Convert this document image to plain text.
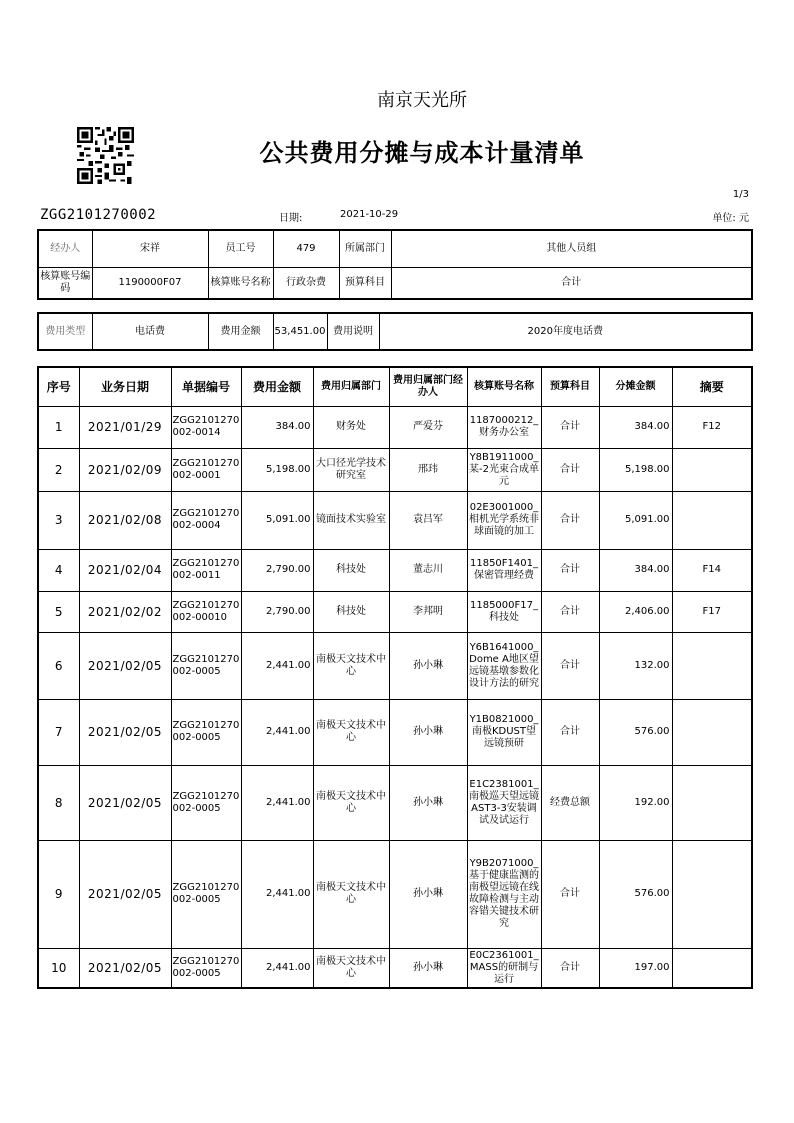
南京天光所
公共费用分摊与成本计量清单
1/3
ZGG2101270002	日期:	2021-10-29	单位: 元
经办人	宋祥	员工号	479	所属部门	其他人员组
核算账号编码	1190000F07	核算账号名称	行政杂费	预算科目	合计
费用类型	电话费	费用金额	53,451.00	费用说明	2020年度电话费
序号	业务日期	单据编号	费用金额	费用归属部门	费用归属部门经办人	核算账号名称	预算科目	分摊金额	摘要
1	2021/01/29	ZGG2101270002-0014	384.00	财务处	严爱芬	1187000212_财务办公室	合计	384.00	F12
2	2021/02/09	ZGG2101270002-0001	5,198.00	大口径光学技术研究室	邢玮	Y8B1911000_某-2光束合成单元	合计	5,198.00	
3	2021/02/08	ZGG2101270002-0004	5,091.00	镜面技术实验室	袁吕军	02E3001000_相机光学系统非球面镜的加工	合计	5,091.00	
4	2021/02/04	ZGG2101270002-0011	2,790.00	科技处	董志川	11850F1401_保密管理经费	合计	384.00	F14
5	2021/02/02	ZGG2101270002-00010	2,790.00	科技处	李邦明	1185000F17_科技处	合计	2,406.00	F17
6	2021/02/05	ZGG2101270002-0005	2,441.00	南极天文技术中心	孙小琳	Y6B1641000_Dome A地区望远镜基墩参数化设计方法的研究	合计	132.00	
7	2021/02/05	ZGG2101270002-0005	2,441.00	南极天文技术中心	孙小琳	Y1B0821000_南极KDUST望远镜预研	合计	576.00	
8	2021/02/05	ZGG2101270002-0005	2,441.00	南极天文技术中心	孙小琳	E1C2381001_南极巡天望远镜AST3-3安装调试及试运行	经费总额	192.00	
9	2021/02/05	ZGG2101270002-0005	2,441.00	南极天文技术中心	孙小琳	Y9B2071000_基于健康监测的南极望远镜在线故障检测与主动容错关键技术研究	合计	576.00	
10	2021/02/05	ZGG2101270002-0005	2,441.00	南极天文技术中心	孙小琳	E0C2361001_MASS的研制与运行	合计	197.00	
